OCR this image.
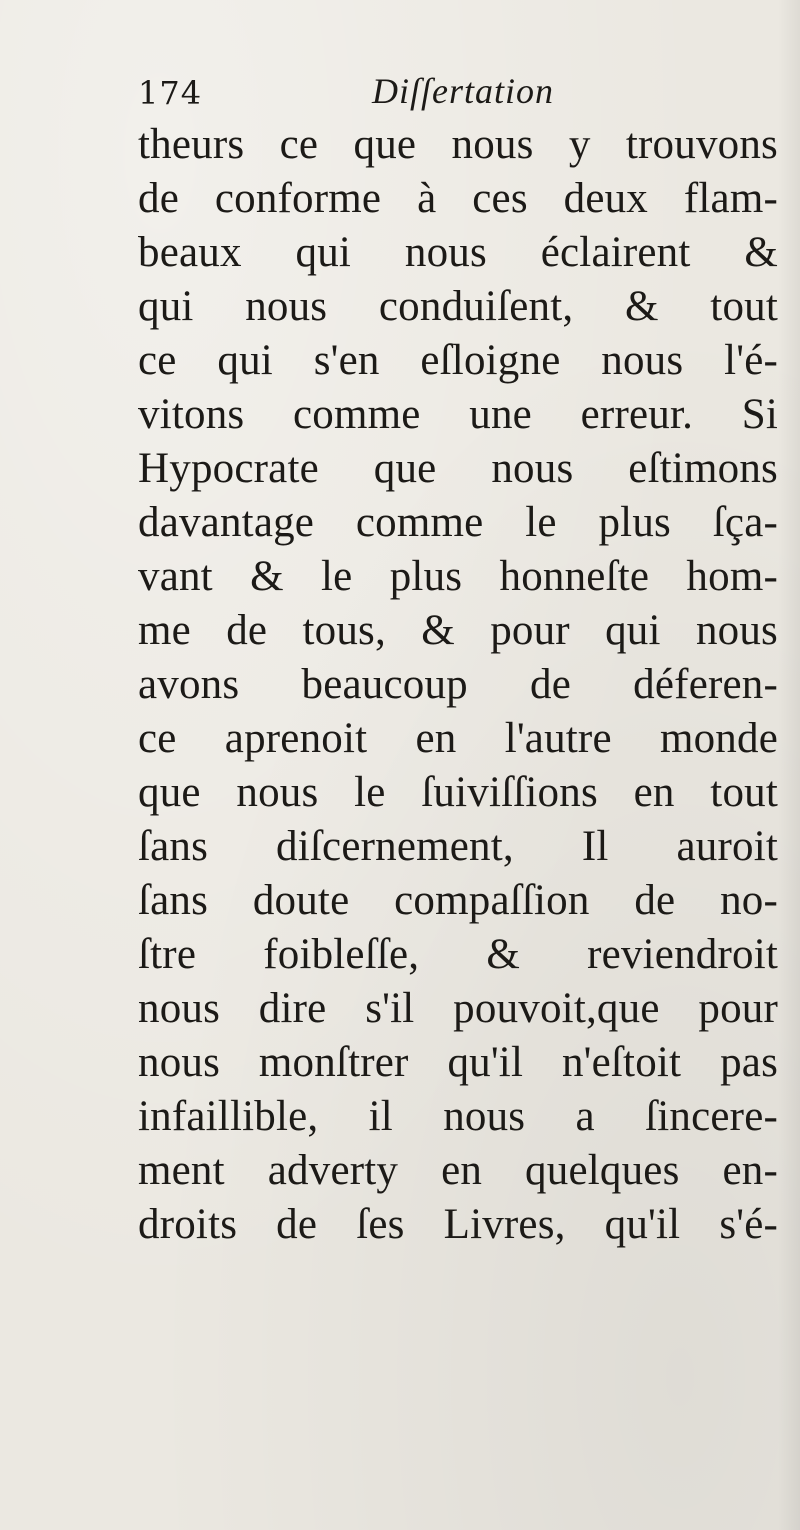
174	Diſſertation
theurs ce que nous y trouvons
de conforme à ces deux flam-
beaux qui nous éclairent &
qui nous conduiſent, & tout
ce qui s'en eſloigne nous l'é-
vitons comme une erreur. Si
Hypocrate que nous eſtimons
davantage comme le plus ſça-
vant & le plus honneſte hom-
me de tous, & pour qui nous
avons beaucoup de déferen-
ce aprenoit en l'autre monde
que nous le ſuiviſſions en tout
ſans diſcernement, Il auroit
ſans doute compaſſion de no-
ſtre foibleſſe, & reviendroit
nous dire s'il pouvoit,que pour
nous monſtrer qu'il n'eſtoit pas
infaillible, il nous a ſincere-
ment adverty en quelques en-
droits de ſes Livres, qu'il s'é-
